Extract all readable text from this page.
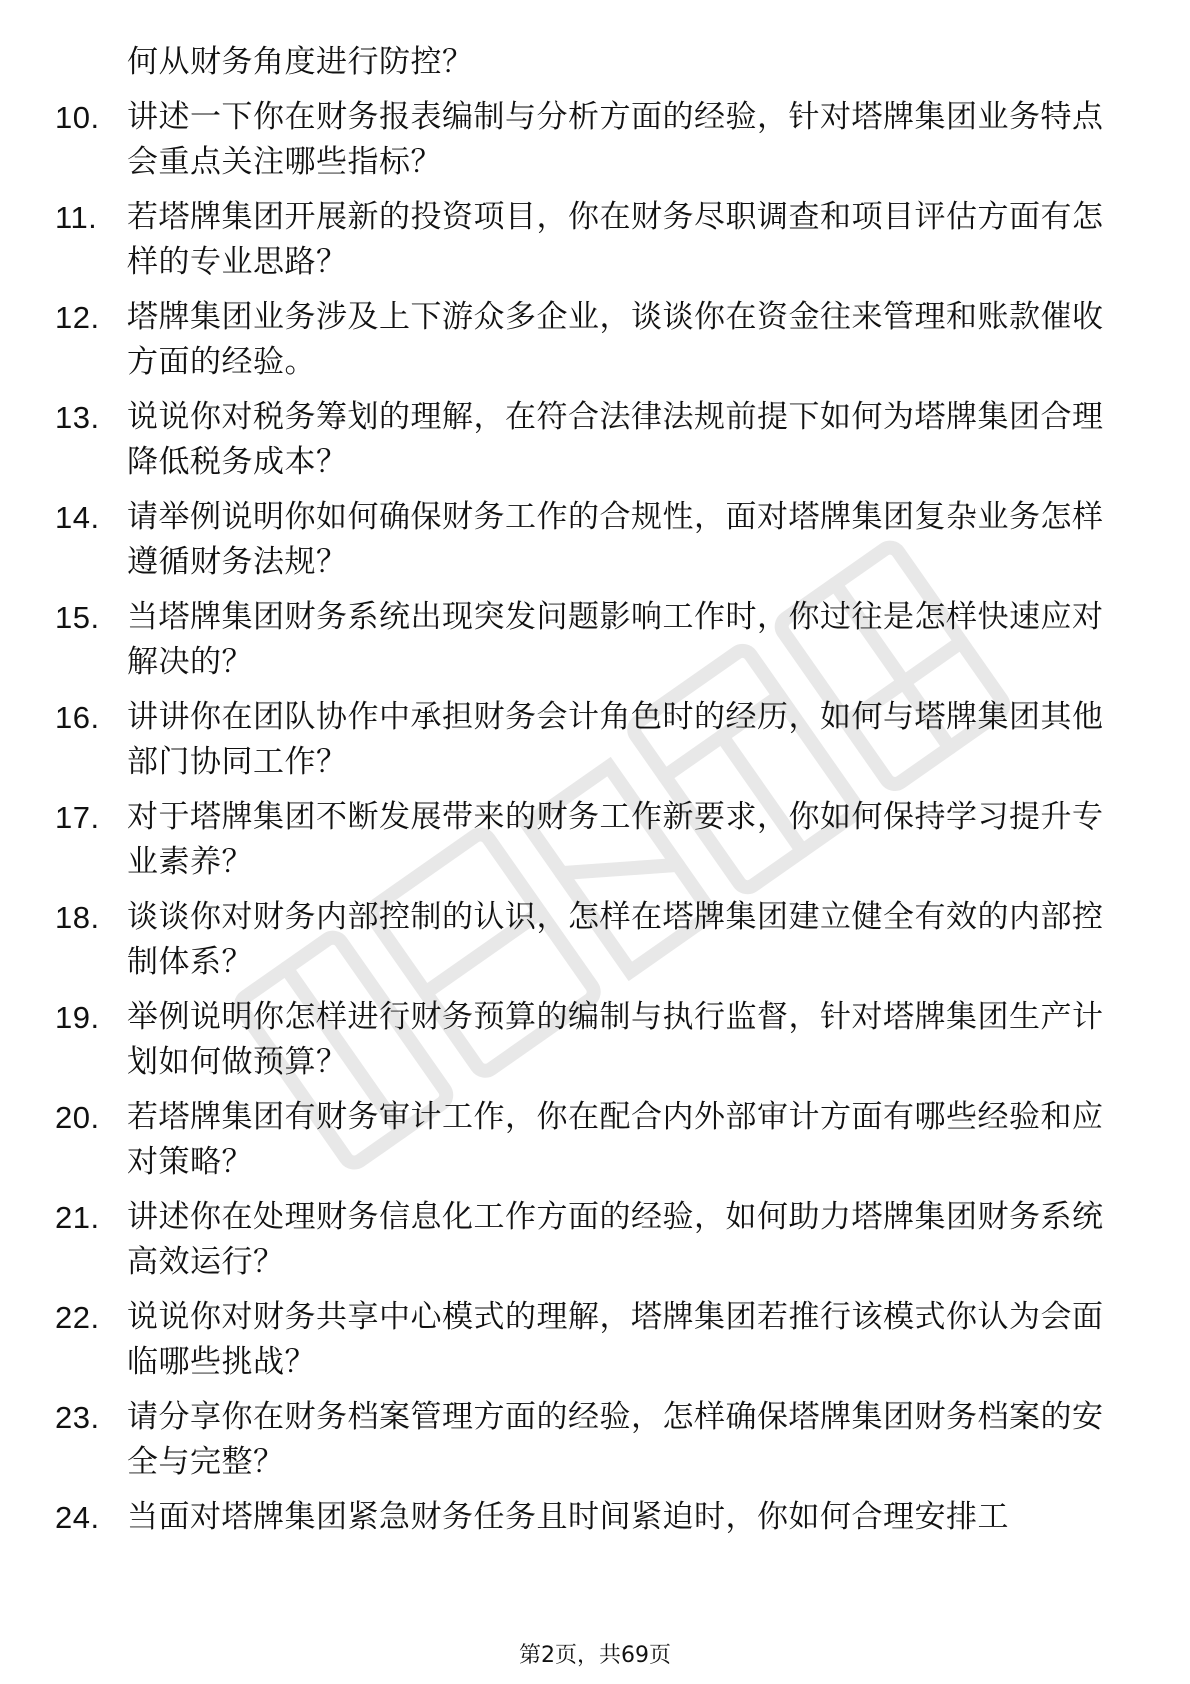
何从财务角度进行防控？
10. 讲述一下你在财务报表编制与分析方面的经验，针对塔牌集团业务特点会重点关注哪些指标？
11. 若塔牌集团开展新的投资项目，你在财务尽职调查和项目评估方面有怎样的专业思路？
12. 塔牌集团业务涉及上下游众多企业，谈谈你在资金往来管理和账款催收方面的经验。
13. 说说你对税务筹划的理解，在符合法律法规前提下如何为塔牌集团合理降低税务成本？
14. 请举例说明你如何确保财务工作的合规性，面对塔牌集团复杂业务怎样遵循财务法规？
15. 当塔牌集团财务系统出现突发问题影响工作时，你过往是怎样快速应对解决的？
16. 讲讲你在团队协作中承担财务会计角色时的经历，如何与塔牌集团其他部门协同工作？
17. 对于塔牌集团不断发展带来的财务工作新要求，你如何保持学习提升专业素养？
18. 谈谈你对财务内部控制的认识，怎样在塔牌集团建立健全有效的内部控制体系？
19. 举例说明你怎样进行财务预算的编制与执行监督，针对塔牌集团生产计划如何做预算？
20. 若塔牌集团有财务审计工作，你在配合内外部审计方面有哪些经验和应对策略？
21. 讲述你在处理财务信息化工作方面的经验，如何助力塔牌集团财务系统高效运行？
22. 说说你对财务共享中心模式的理解，塔牌集团若推行该模式你认为会面临哪些挑战？
23. 请分享你在财务档案管理方面的经验，怎样确保塔牌集团财务档案的安全与完整？
24. 当面对塔牌集团紧急财务任务且时间紧迫时，你如何合理安排工
第2页，共69页
